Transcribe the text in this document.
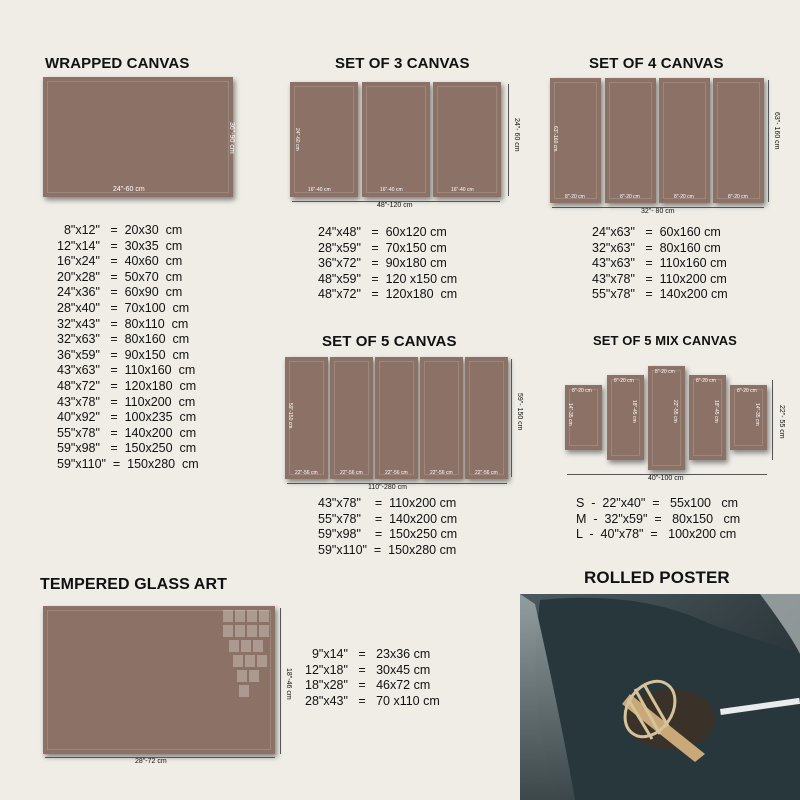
WRAPPED CANVAS
24"-60 cm
36"-90 cm
8"x12"   =  20x30  cm
12"x14"   =  30x35  cm
16"x24"   =  40x60  cm
20"x28"   =  50x70  cm
24"x36"   =  60x90  cm
28"x40"   =  70x100  cm
32"x43"   =  80x110  cm
32"x63"   =  80x160  cm
36"x59"   =  90x150  cm
43"x63"   =  110x160  cm
48"x72"   =  120x180  cm
43"x78"   =  110x200  cm
40"x92"   =  100x235  cm
55"x78"   =  140x200  cm
59"x98"   =  150x250  cm
59"x110"  =  150x280  cm
SET OF 3 CANVAS
24"-60 cm
16"-40 cm	16"-40 cm	16"-40 cm
48"-120 cm
24"- 60 cm
24"x48"   =  60x120 cm
28"x59"   =  70x150 cm
36"x72"   =  90x180 cm
48"x59"   =  120 x150 cm
48"x72"   =  120x180  cm
SET OF 4 CANVAS
63"-160 cm
8"-20 cm	8"-20 cm	8"-20 cm	8"-20 cm
32"- 80 cm
63"- 160 cm
24"x63"   =  60x160 cm
32"x63"   =  80x160 cm
43"x63"   =  110x160 cm
43"x78"   =  110x200 cm
55"x78"   =  140x200 cm
SET OF 5 CANVAS
59"-150 cm
22"-56 cm	22"-56 cm	22"-56 cm	22"-56 cm	22"-56 cm
110"-280 cm
59"- 150 cm
43"x78"    =  110x200 cm
55"x78"    =  140x200 cm
59"x98"    =  150x250 cm
59"x110"  =  150x280 cm
SET OF 5 MIX CANVAS
8"-20 cm
14"-35 cm
8"-20 cm
18"-45 cm
8"-20 cm
22"-55 cm
8"-20 cm
18"-45 cm
8"-20 cm
14"-35 cm
40"-100 cm
22"- 55 cm
S  -  22"x40"  =   55x100   cm
M  -  32"x59"  =   80x150   cm
L  -  40"x78"  =   100x200 cm
TEMPERED GLASS ART
28"-72 cm
18"-46 cm
9"x14"   =   23x36 cm
12"x18"   =   30x45 cm
18"x28"   =   46x72 cm
28"x43"   =   70 x110 cm
ROLLED POSTER
